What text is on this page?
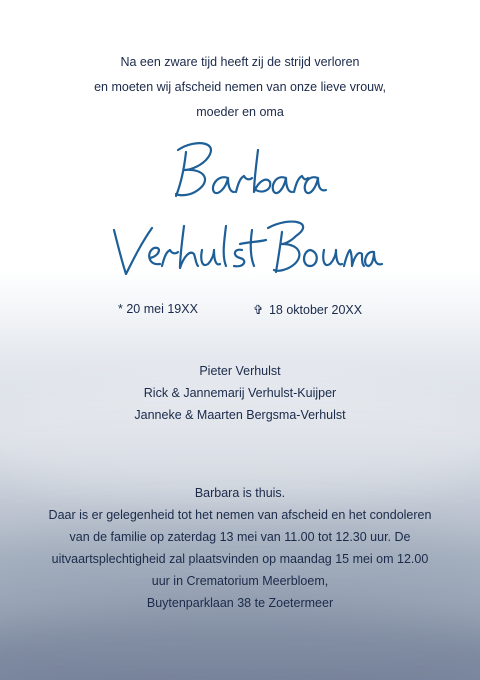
Na een zware tijd heeft zij de strijd verloren
en moeten wij afscheid nemen van onze lieve vrouw,
moeder en oma
* 20 mei 19XX	✞ 18 oktober 20XX
Pieter Verhulst
Rick & Jannemarij Verhulst-Kuijper
Janneke & Maarten Bergsma-Verhulst
Barbara is thuis.
Daar is er gelegenheid tot het nemen van afscheid en het condoleren
van de familie op zaterdag 13 mei van 11.00 tot 12.30 uur. De
uitvaartsplechtigheid zal plaatsvinden op maandag 15 mei om 12.00
uur in Crematorium Meerbloem,
Buytenparklaan 38 te Zoetermeer
